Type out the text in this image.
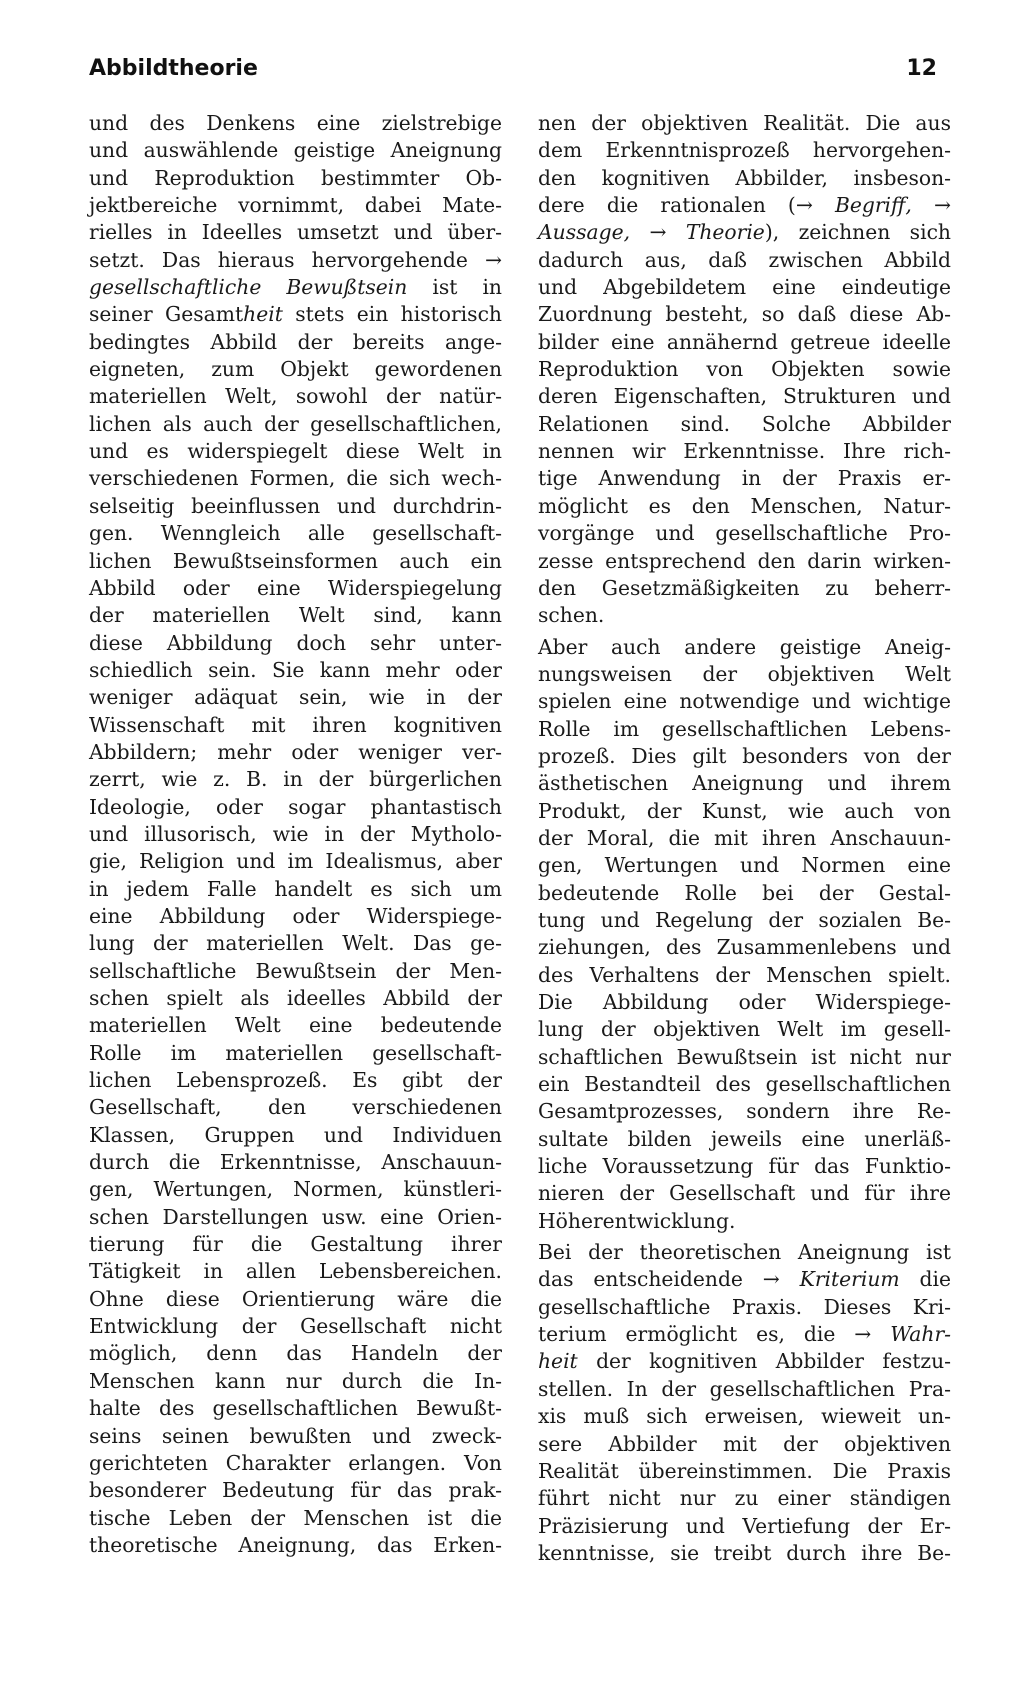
Abbildtheorie	12
und des Denkens eine zielstrebige
und auswählende geistige Aneignung
und Reproduktion bestimmter Ob-
jektbereiche vornimmt, dabei Mate-
rielles in Ideelles umsetzt und über-
setzt. Das hieraus hervorgehende →
gesellschaftliche Bewußtsein ist in
seiner Gesamtheit stets ein historisch
bedingtes Abbild der bereits ange-
eigneten, zum Objekt gewordenen
materiellen Welt, sowohl der natür-
lichen als auch der gesellschaftlichen,
und es widerspiegelt diese Welt in
verschiedenen Formen, die sich wech-
selseitig beeinflussen und durchdrin-
gen. Wenngleich alle gesellschaft-
lichen Bewußtseinsformen auch ein
Abbild oder eine Widerspiegelung
der materiellen Welt sind, kann
diese Abbildung doch sehr unter-
schiedlich sein. Sie kann mehr oder
weniger adäquat sein, wie in der
Wissenschaft mit ihren kognitiven
Abbildern; mehr oder weniger ver-
zerrt, wie z. B. in der bürgerlichen
Ideologie, oder sogar phantastisch
und illusorisch, wie in der Mytholo-
gie, Religion und im Idealismus, aber
in jedem Falle handelt es sich um
eine Abbildung oder Widerspiege-
lung der materiellen Welt. Das ge-
sellschaftliche Bewußtsein der Men-
schen spielt als ideelles Abbild der
materiellen Welt eine bedeutende
Rolle im materiellen gesellschaft-
lichen Lebensprozeß. Es gibt der
Gesellschaft, den verschiedenen
Klassen, Gruppen und Individuen
durch die Erkenntnisse, Anschauun-
gen, Wertungen, Normen, künstleri-
schen Darstellungen usw. eine Orien-
tierung für die Gestaltung ihrer
Tätigkeit in allen Lebensbereichen.
Ohne diese Orientierung wäre die
Entwicklung der Gesellschaft nicht
möglich, denn das Handeln der
Menschen kann nur durch die In-
halte des gesellschaftlichen Bewußt-
seins seinen bewußten und zweck-
gerichteten Charakter erlangen. Von
besonderer Bedeutung für das prak-
tische Leben der Menschen ist die
theoretische Aneignung, das Erken-
nen der objektiven Realität. Die aus
dem Erkenntnisprozeß hervorgehen-
den kognitiven Abbilder, insbeson-
dere die rationalen (→ Begriff, →
Aussage, → Theorie), zeichnen sich
dadurch aus, daß zwischen Abbild
und Abgebildetem eine eindeutige
Zuordnung besteht, so daß diese Ab-
bilder eine annähernd getreue ideelle
Reproduktion von Objekten sowie
deren Eigenschaften, Strukturen und
Relationen sind. Solche Abbilder
nennen wir Erkenntnisse. Ihre rich-
tige Anwendung in der Praxis er-
möglicht es den Menschen, Natur-
vorgänge und gesellschaftliche Pro-
zesse entsprechend den darin wirken-
den Gesetzmäßigkeiten zu beherr-
schen.
Aber auch andere geistige Aneig-
nungsweisen der objektiven Welt
spielen eine notwendige und wichtige
Rolle im gesellschaftlichen Lebens-
prozeß. Dies gilt besonders von der
ästhetischen Aneignung und ihrem
Produkt, der Kunst, wie auch von
der Moral, die mit ihren Anschauun-
gen, Wertungen und Normen eine
bedeutende Rolle bei der Gestal-
tung und Regelung der sozialen Be-
ziehungen, des Zusammenlebens und
des Verhaltens der Menschen spielt.
Die Abbildung oder Widerspiege-
lung der objektiven Welt im gesell-
schaftlichen Bewußtsein ist nicht nur
ein Bestandteil des gesellschaftlichen
Gesamtprozesses, sondern ihre Re-
sultate bilden jeweils eine unerläß-
liche Voraussetzung für das Funktio-
nieren der Gesellschaft und für ihre
Höherentwicklung.
Bei der theoretischen Aneignung ist
das entscheidende → Kriterium die
gesellschaftliche Praxis. Dieses Kri-
terium ermöglicht es, die → Wahr-
heit der kognitiven Abbilder festzu-
stellen. In der gesellschaftlichen Pra-
xis muß sich erweisen, wieweit un-
sere Abbilder mit der objektiven
Realität übereinstimmen. Die Praxis
führt nicht nur zu einer ständigen
Präzisierung und Vertiefung der Er-
kenntnisse, sie treibt durch ihre Be-
